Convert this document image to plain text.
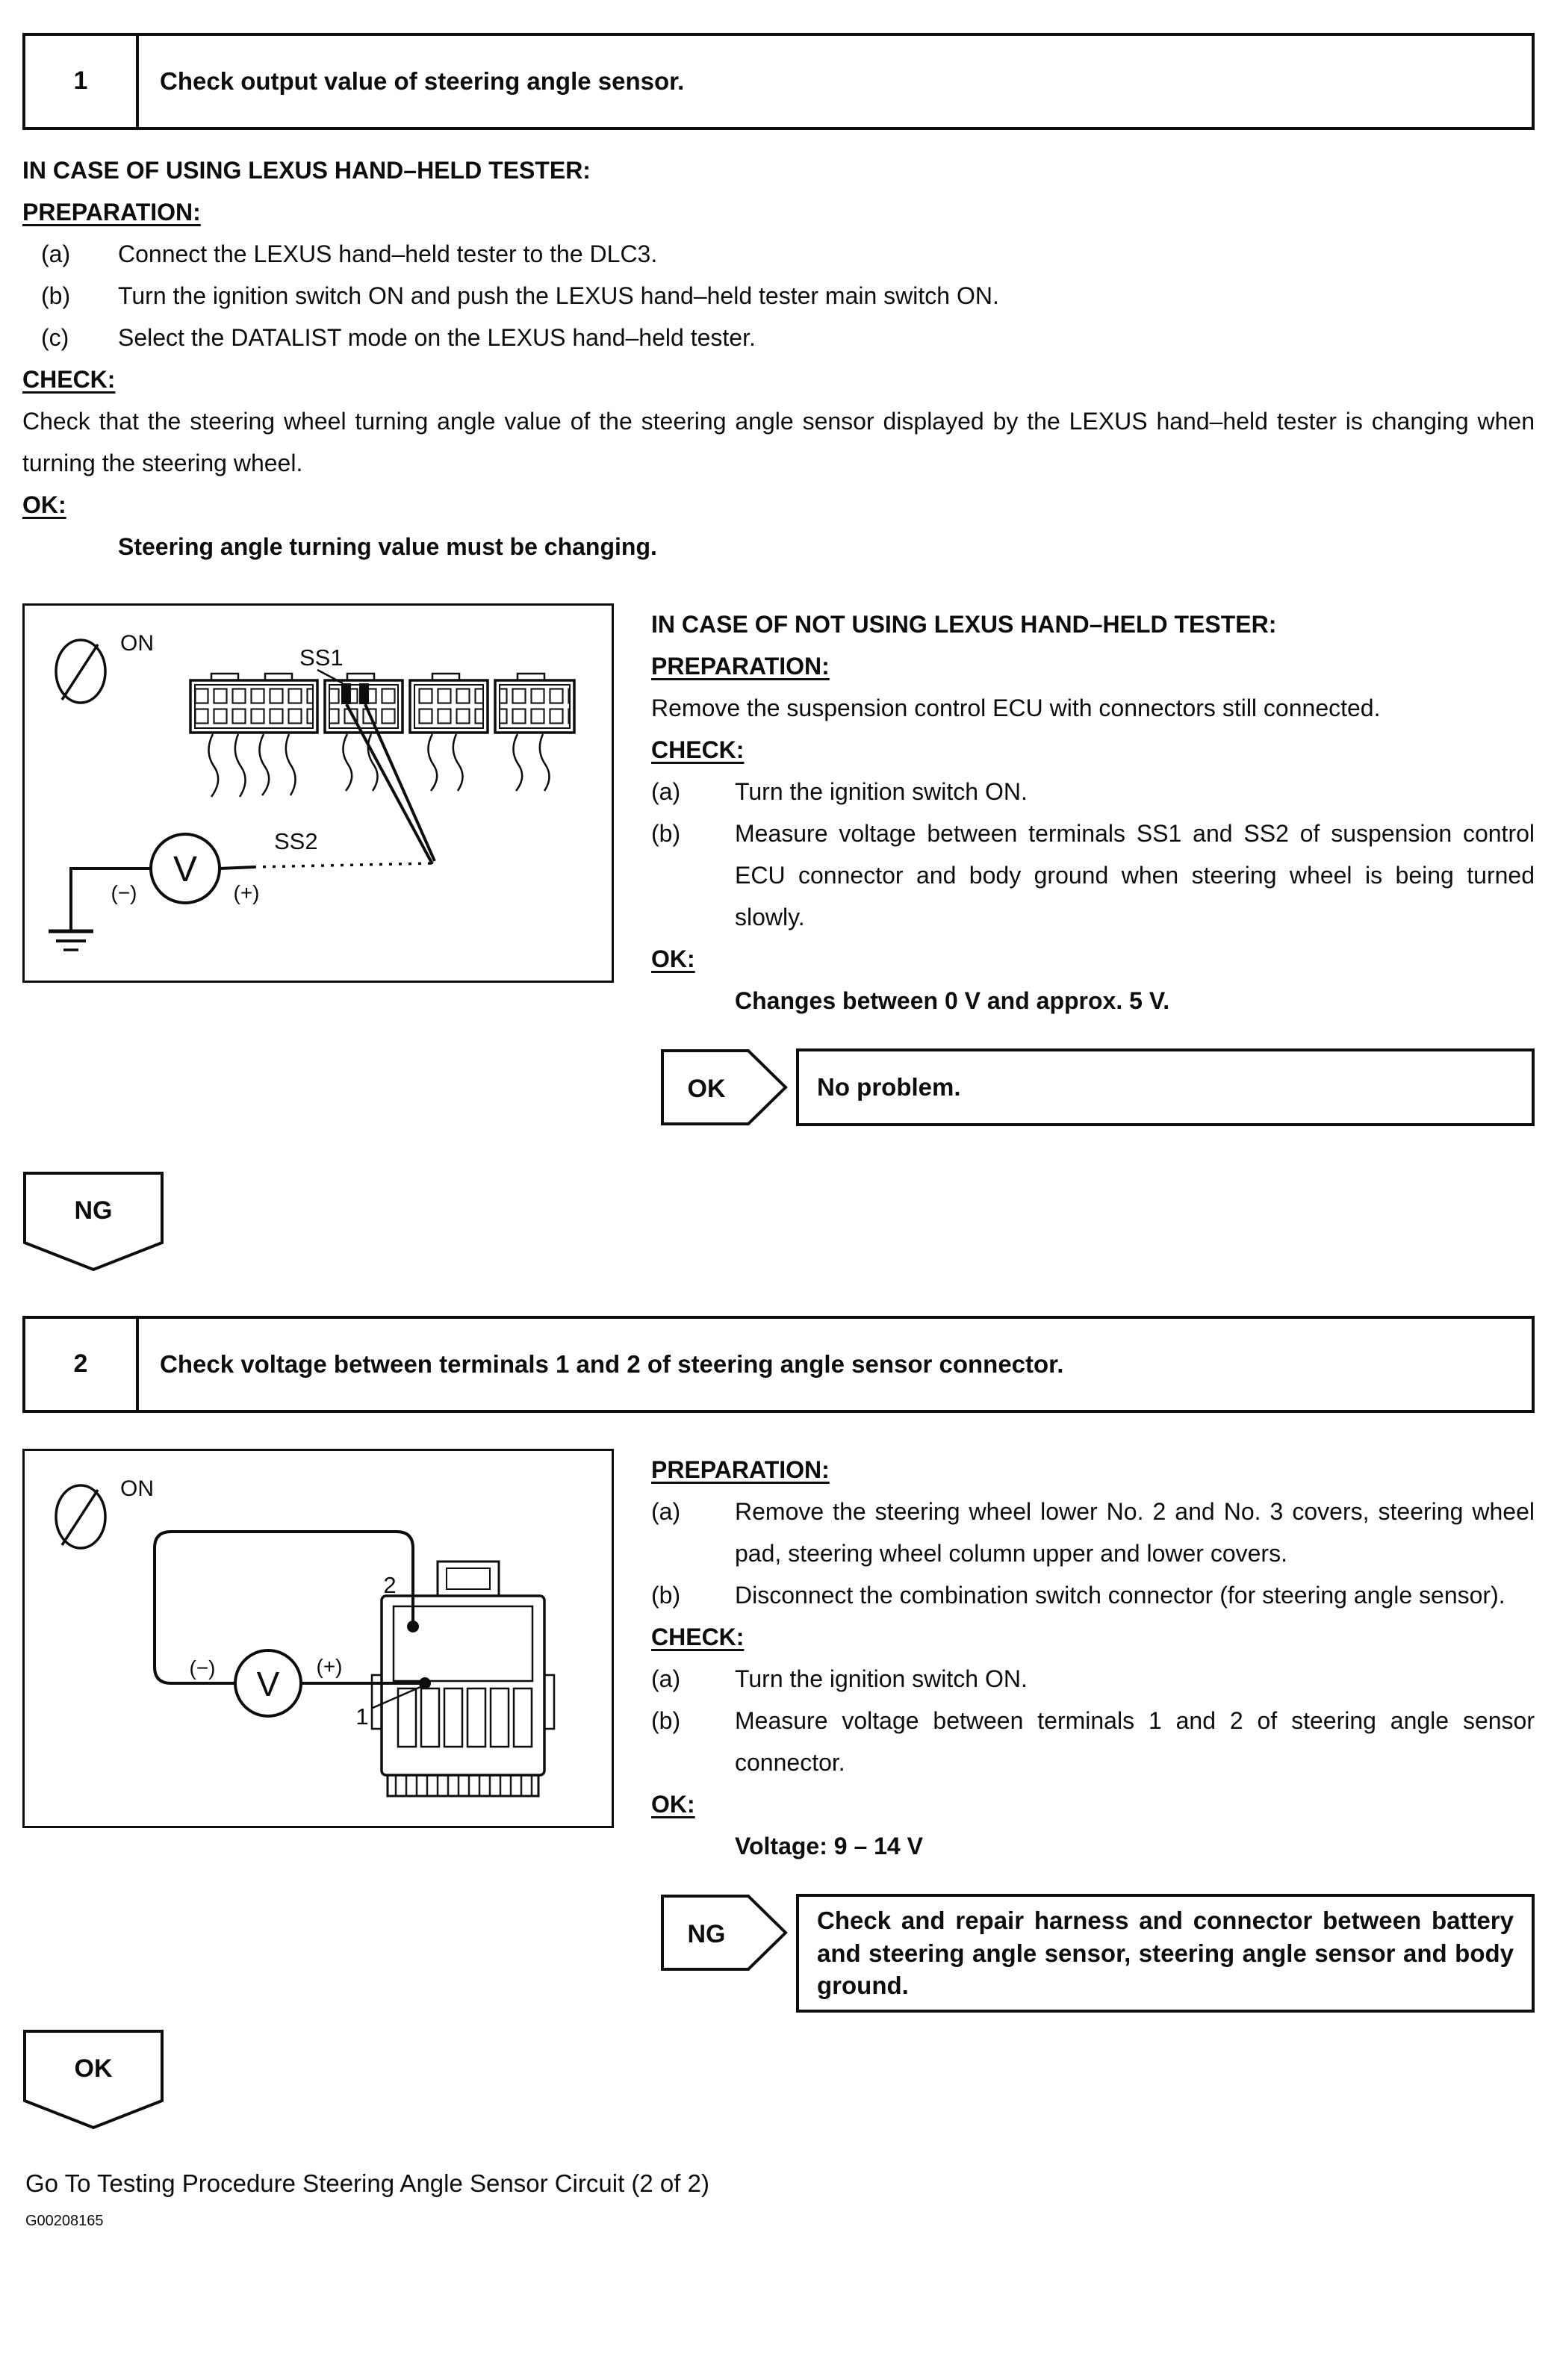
1	Check output value of steering angle sensor.

IN CASE OF USING LEXUS HAND–HELD TESTER:

PREPARATION:

(a)	Connect the LEXUS hand–held tester to the DLC3.
(b)	Turn the ignition switch ON and push the LEXUS hand–held tester main switch ON.
(c)	Select the DATALIST mode on the LEXUS hand–held tester.

CHECK:

Check that the steering wheel turning angle value of the steering angle sensor displayed by the LEXUS hand–held tester is changing when turning the steering wheel.

OK:

Steering angle turning value must be changing.

ON
SS1
SS2
V
(−)	(+)

IN CASE OF NOT USING LEXUS HAND–HELD TESTER:

PREPARATION:

Remove the suspension control ECU with connectors still connected.

CHECK:

(a)	Turn the ignition switch ON.
(b)	Measure voltage between terminals SS1 and SS2 of suspension control ECU connector and body ground when steering wheel is being turned slowly.

OK:

Changes between 0 V and approx. 5 V.

OK	No problem.
NG
2	Check voltage between terminals 1 and 2 of steering angle sensor connector.
ON
2
1
V
(−)	(+)

PREPARATION:

(a)	Remove the steering wheel lower No. 2 and No. 3 covers, steering wheel pad, steering wheel column upper and lower covers.
(b)	Disconnect the combination switch connector (for steering angle sensor).

CHECK:

(a)	Turn the ignition switch ON.
(b)	Measure voltage between terminals 1 and 2 of steering angle sensor connector.

OK:

Voltage: 9 – 14 V

NG	Check and repair harness and connector between battery and steering angle sensor, steering angle sensor and body ground.
OK

Go To Testing Procedure Steering Angle Sensor Circuit (2 of 2)

G00208165
